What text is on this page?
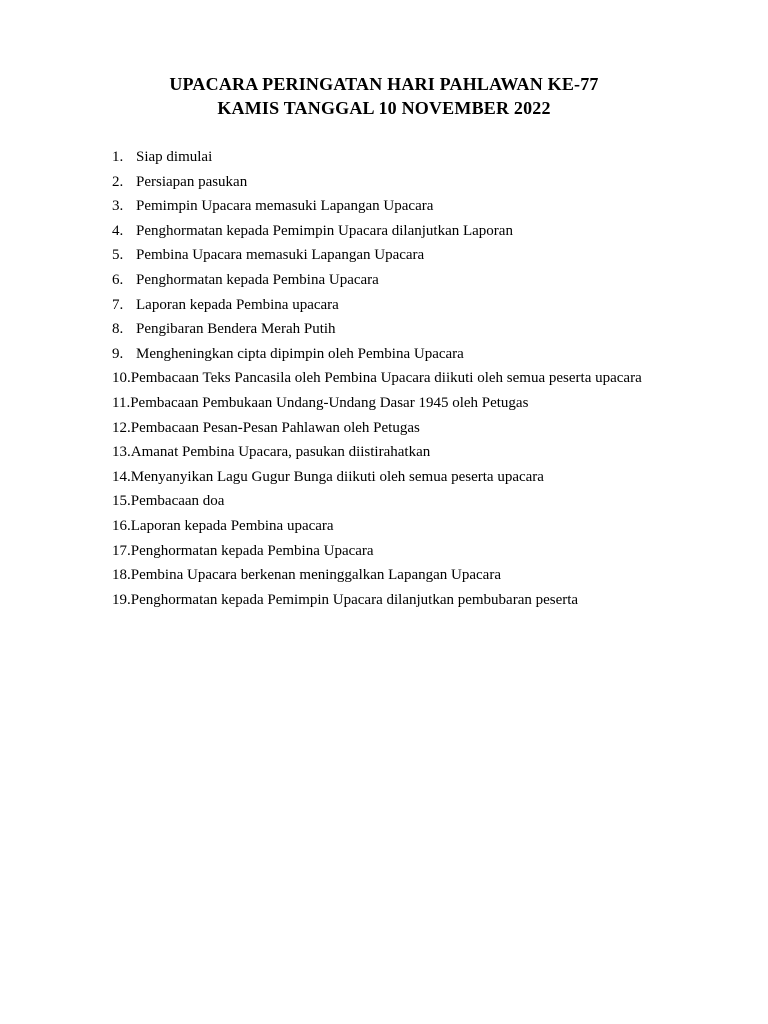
UPACARA PERINGATAN HARI PAHLAWAN KE-77

KAMIS TANGGAL 10 NOVEMBER 2022

1. Siap dimulai
2. Persiapan pasukan
3. Pemimpin Upacara memasuki Lapangan Upacara
4. Penghormatan kepada Pemimpin Upacara dilanjutkan Laporan
5. Pembina Upacara memasuki Lapangan Upacara
6. Penghormatan kepada Pembina Upacara
7. Laporan kepada Pembina upacara
8. Pengibaran Bendera Merah Putih
9. Mengheningkan cipta dipimpin oleh Pembina Upacara
10. Pembacaan Teks Pancasila oleh Pembina Upacara diikuti oleh semua peserta upacara
11. Pembacaan Pembukaan Undang-Undang Dasar 1945 oleh Petugas
12. Pembacaan Pesan-Pesan Pahlawan oleh Petugas
13. Amanat Pembina Upacara, pasukan diistirahatkan
14. Menyanyikan Lagu Gugur Bunga diikuti oleh semua peserta upacara
15. Pembacaan doa
16. Laporan kepada Pembina upacara
17. Penghormatan kepada Pembina Upacara
18. Pembina Upacara berkenan meninggalkan Lapangan Upacara
19. Penghormatan kepada Pemimpin Upacara dilanjutkan pembubaran peserta
